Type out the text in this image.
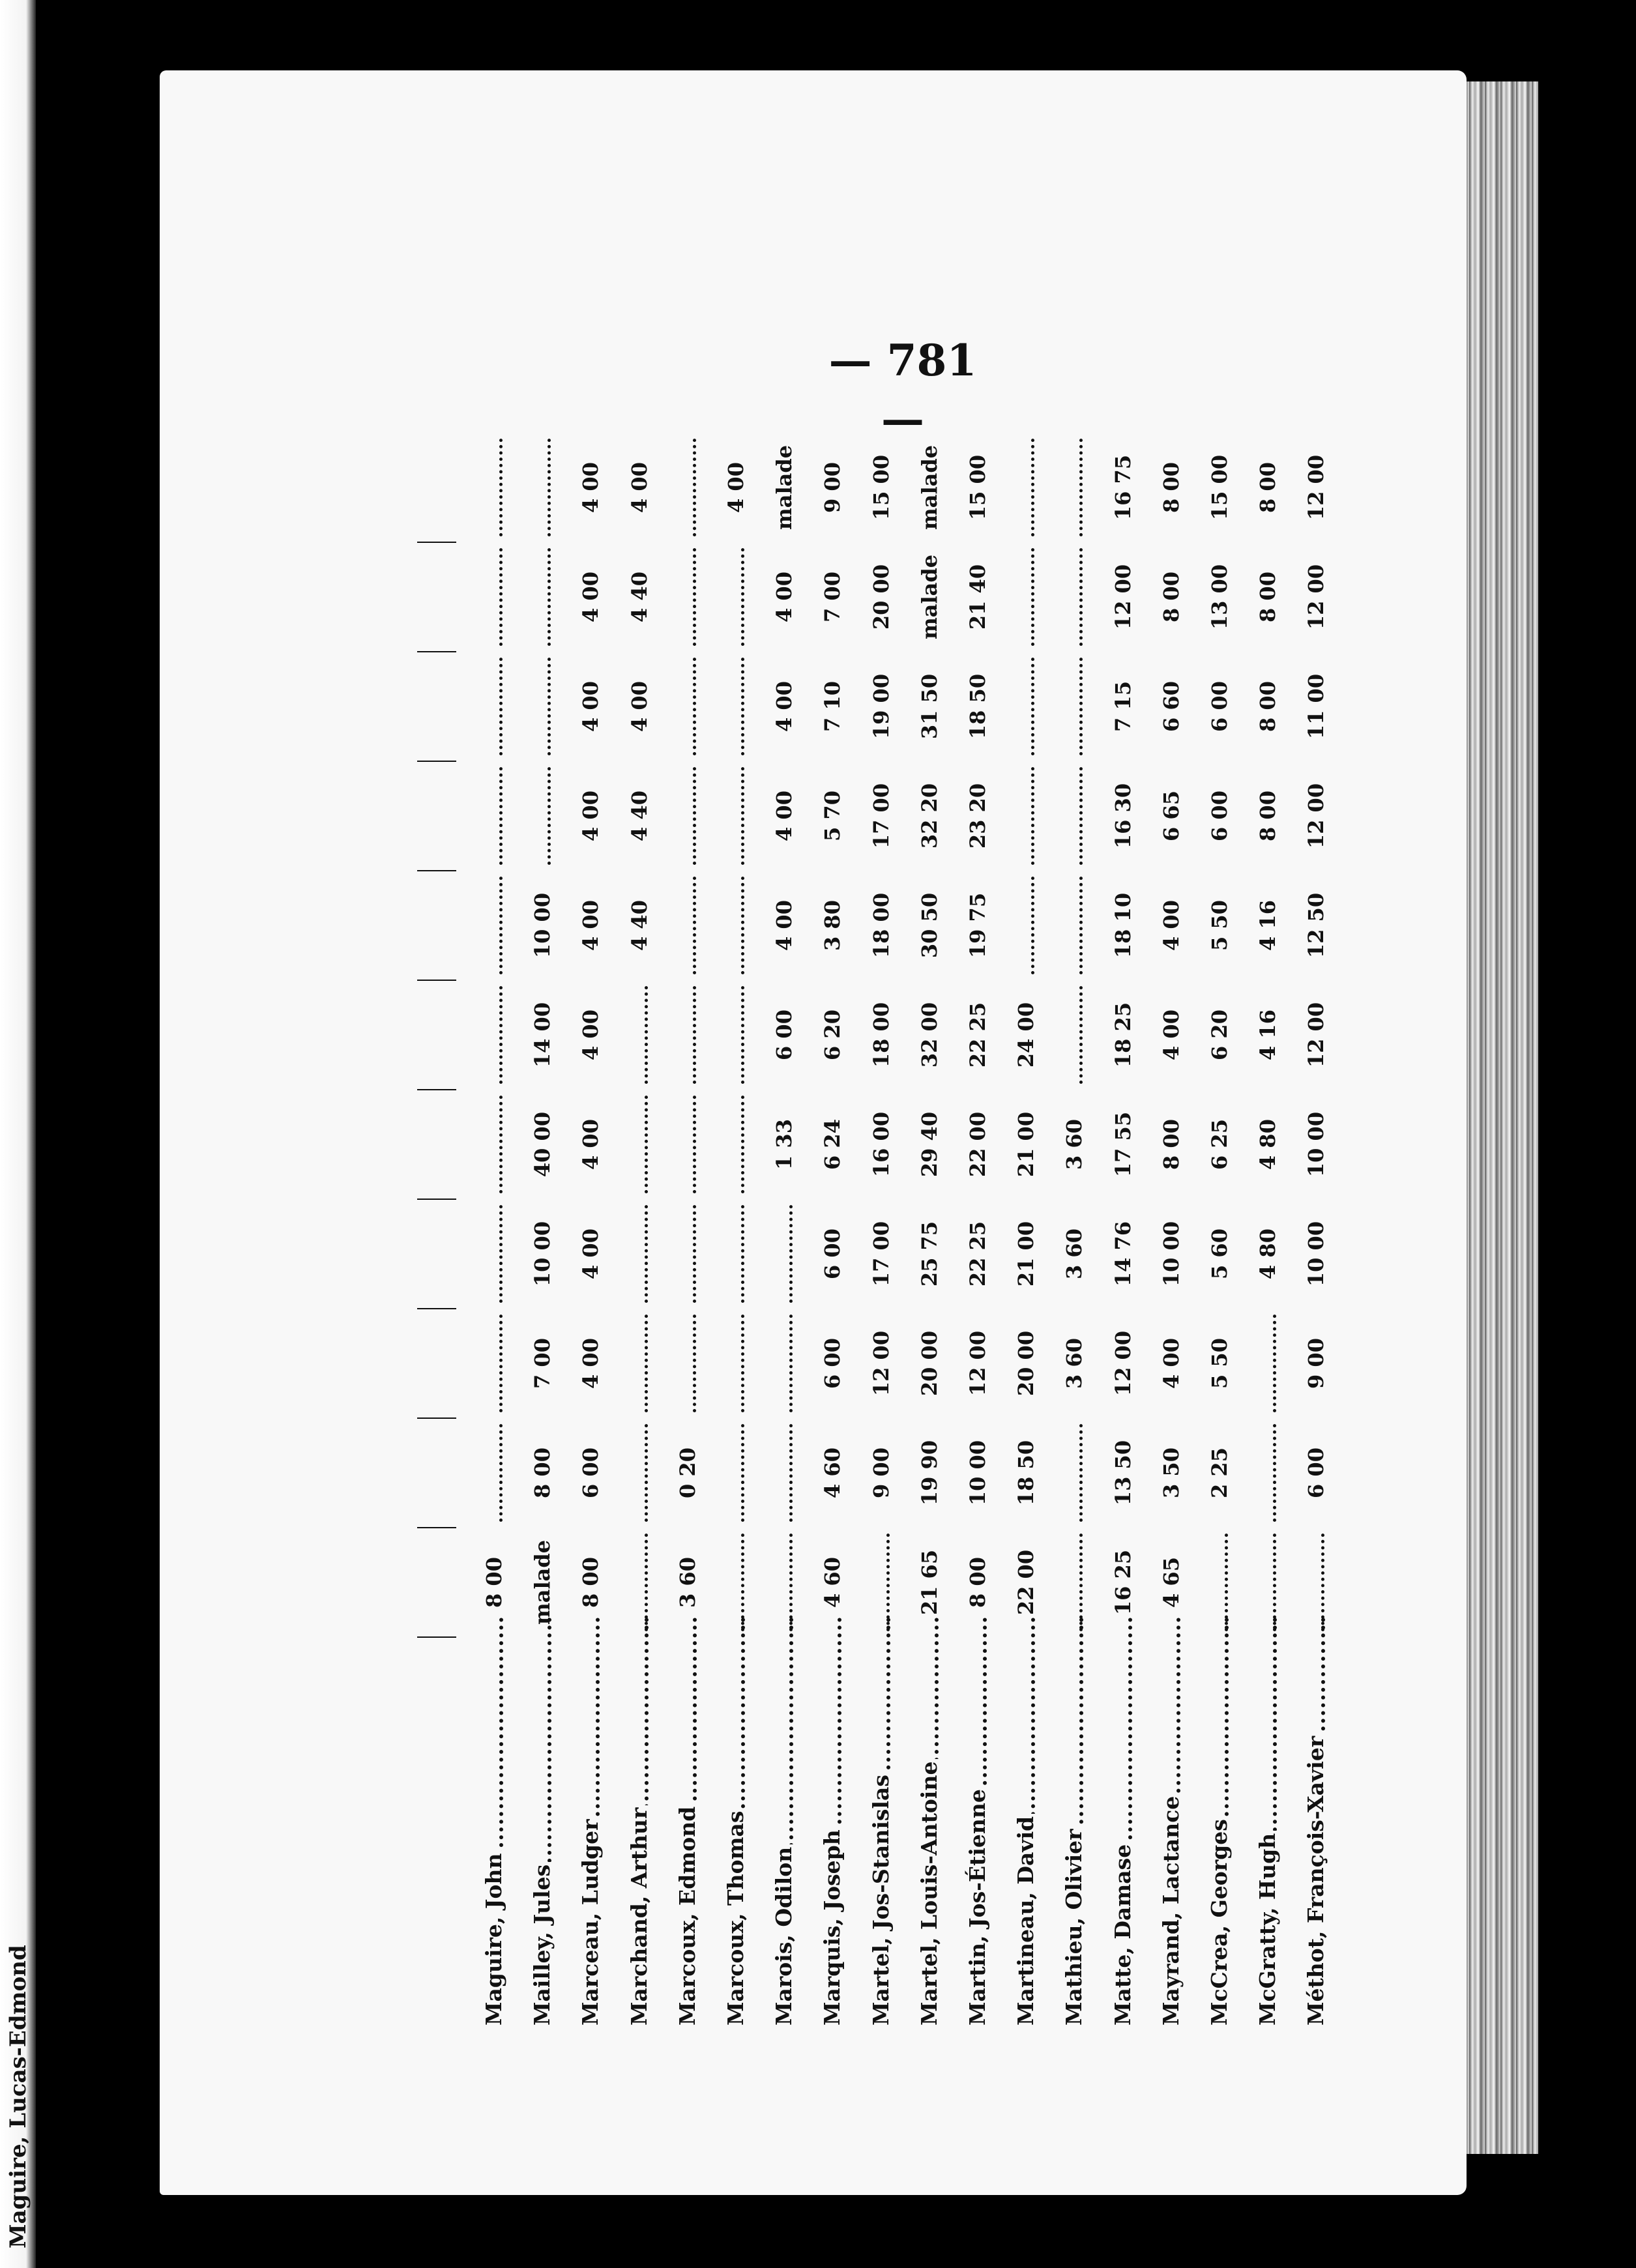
Maguire, Lucas-Edmond
— 781 —
Maguire, John
8 00
Mailley, Jules
malade
8 00
7 00
10 00
40 00
14 00
10 00
Marceau, Ludger
8 00
6 00
4 00
4 00
4 00
4 00
4 00
4 00
4 00
4 00
4 00
Marchand, Arthur
4 40
4 40
4 00
4 40
4 00
Marcoux, Edmond
3 60
0 20
Marcoux, Thomas
4 00
Marois, Odilon
1 33
6 00
4 00
4 00
4 00
4 00
malade
Marquis, Joseph
4 60
4 60
6 00
6 00
6 24
6 20
3 80
5 70
7 10
7 00
9 00
Martel, Jos-Stanislas
9 00
12 00
17 00
16 00
18 00
18 00
17 00
19 00
20 00
15 00
Martel, Louis-Antoine
21 65
19 90
20 00
25 75
29 40
32 00
30 50
32 20
31 50
malade
malade
Martin, Jos-Étienne
8 00
10 00
12 00
22 25
22 00
22 25
19 75
23 20
18 50
21 40
15 00
Martineau, David
22 00
18 50
20 00
21 00
21 00
24 00
Mathieu, Olivier
3 60
3 60
3 60
Matte, Damase
16 25
13 50
12 00
14 76
17 55
18 25
18 10
16 30
7 15
12 00
16 75
Mayrand, Lactance
4 65
3 50
4 00
10 00
8 00
4 00
4 00
6 65
6 60
8 00
8 00
McCrea, Georges
2 25
5 50
5 60
6 25
6 20
5 50
6 00
6 00
13 00
15 00
McGratty, Hugh
4 80
4 80
4 16
4 16
8 00
8 00
8 00
8 00
Méthot, François-Xavier
6 00
9 00
10 00
10 00
12 00
12 50
12 00
11 00
12 00
12 00
